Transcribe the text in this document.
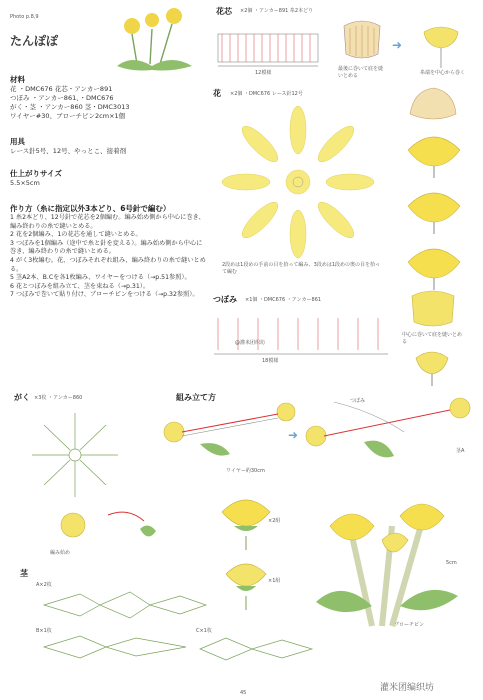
Photo p.8,9
たんぽぽ
材料
花 ・DMC676 花芯・アンカー891
つぼみ ・アンカー861、・DMC676
がく・茎 ・アンカー860 茎・DMC3013
ワイヤー#30、ブローチピン2cm×1個
用具
レース針5号、12号、やっとこ、接着剤
仕上がりサイズ
5.5×5cm
作り方（糸に指定以外3本どり、6号針で編む）

1 糸2本どり、12号針で花芯を2個編む。編み始め側から中心に巻き、編み終わりの糸で縫いとめる。

2 花を2個編み、1の花芯を通して縫いとめる。

3 つぼみを1個編み（途中で糸と針を変える）。編み始め側から中心に巻き、編み終わりの糸で縫いとめる。

4 がく3枚編む。花、つぼみそれぞれ組み、編み終わりの糸で縫いとめる。

5 茎A2本、B.Cを各1枚編み、ワイヤーをつける（→p.51参照）。

6 花とつぼみを組み立て、茎を束ねる（→p.31）。

7 つぼみで巻いて貼り付け、ブローチピンをつける（→p.32参照）。

花芯 ×2個 ・アンカー891 糸2本どり
12模様
➜
最後に巻いて底を縫いとめる	糸端を中心から巻く
花 ×2個 ・DMC676 レース針12号
2段めは1段めの手前の目を拾って編み、3段めは1段めの奥の目を拾って編む
つぼみ ×1個 ・DMC676 ・アンカー861
18模様
中心に巻いて底を縫いとめる
@灌米团织坊
がく ×3枚 ・アンカー860
編み始め
組み立て方
ワイヤー約30cm
➜
つぼみ
茎A
×2組
×1組
5cm
ブローチピン
茎
A×2枚
B×1枚	C×1枚
45	灌米团编织坊
